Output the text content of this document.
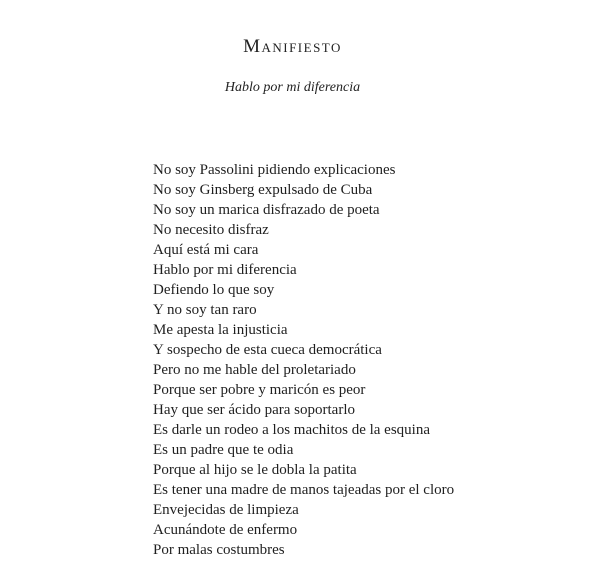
Manifiesto

Hablo por mi diferencia

No soy Passolini pidiendo explicaciones
No soy Ginsberg expulsado de Cuba
No soy un marica disfrazado de poeta
No necesito disfraz
Aquí está mi cara
Hablo por mi diferencia
Defiendo lo que soy
Y no soy tan raro
Me apesta la injusticia
Y sospecho de esta cueca democrática
Pero no me hable del proletariado
Porque ser pobre y maricón es peor
Hay que ser ácido para soportarlo
Es darle un rodeo a los machitos de la esquina
Es un padre que te odia
Porque al hijo se le dobla la patita
Es tener una madre de manos tajeadas por el cloro
Envejecidas de limpieza
Acunándote de enfermo
Por malas costumbres
